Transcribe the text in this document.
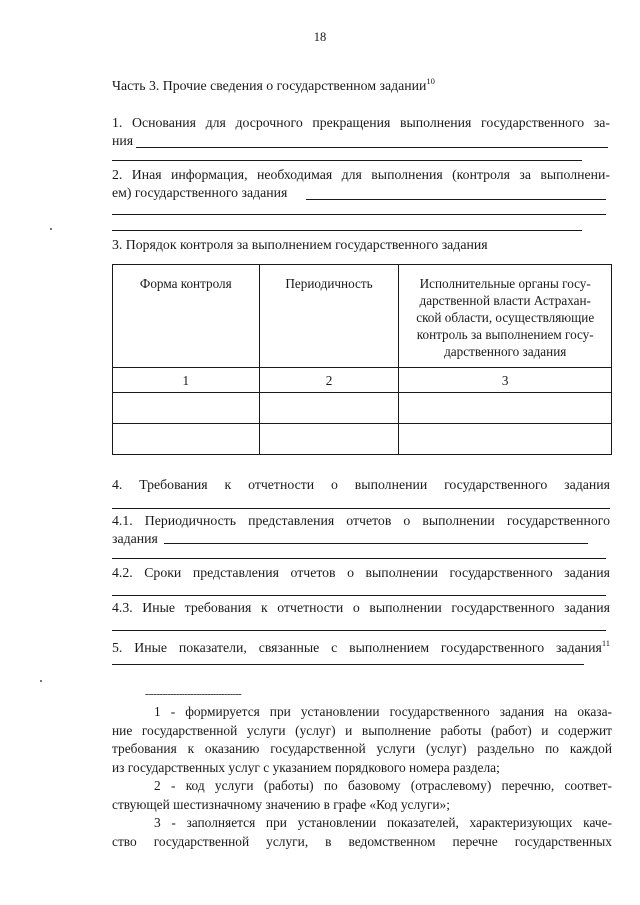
18
Часть 3. Прочие сведения о государственном задании$^{10}$
1. Основания для досрочного прекращения выполнения государственного за-
ния
2. Иная информация, необходимая для выполнения (контроля за выполнени-
ем) государственного задания
3. Порядок контроля за выполнением государственного задания
Форма контроля	Периодичность	Исполнительные органы госу-
дарственной власти Астрахан-
ской области, осуществляющие
контроль за выполнением госу-
дарственного задания

1	2	3

4. Требования к отчетности о выполнении государственного задания
4.1. Периодичность представления отчетов о выполнении государственного
задания
4.2. Сроки представления отчетов о выполнении государственного задания
4.3. Иные требования к отчетности о выполнении государственного задания
5. Иные показатели, связанные с выполнением государственного задания$^{11}$
----------------------------------
1 - формируется при установлении государственного задания на оказа-
ние государственной услуги (услуг) и выполнение работы (работ) и содержит
требования к оказанию государственной услуги (услуг) раздельно по каждой
из государственных услуг с указанием порядкового номера раздела;
2 - код услуги (работы) по базовому (отраслевому) перечню, соответ-
ствующей шестизначному значению в графе «Код услуги»;
3 - заполняется при установлении показателей, характеризующих каче-
ство государственной услуги, в ведомственном перечне государственных
